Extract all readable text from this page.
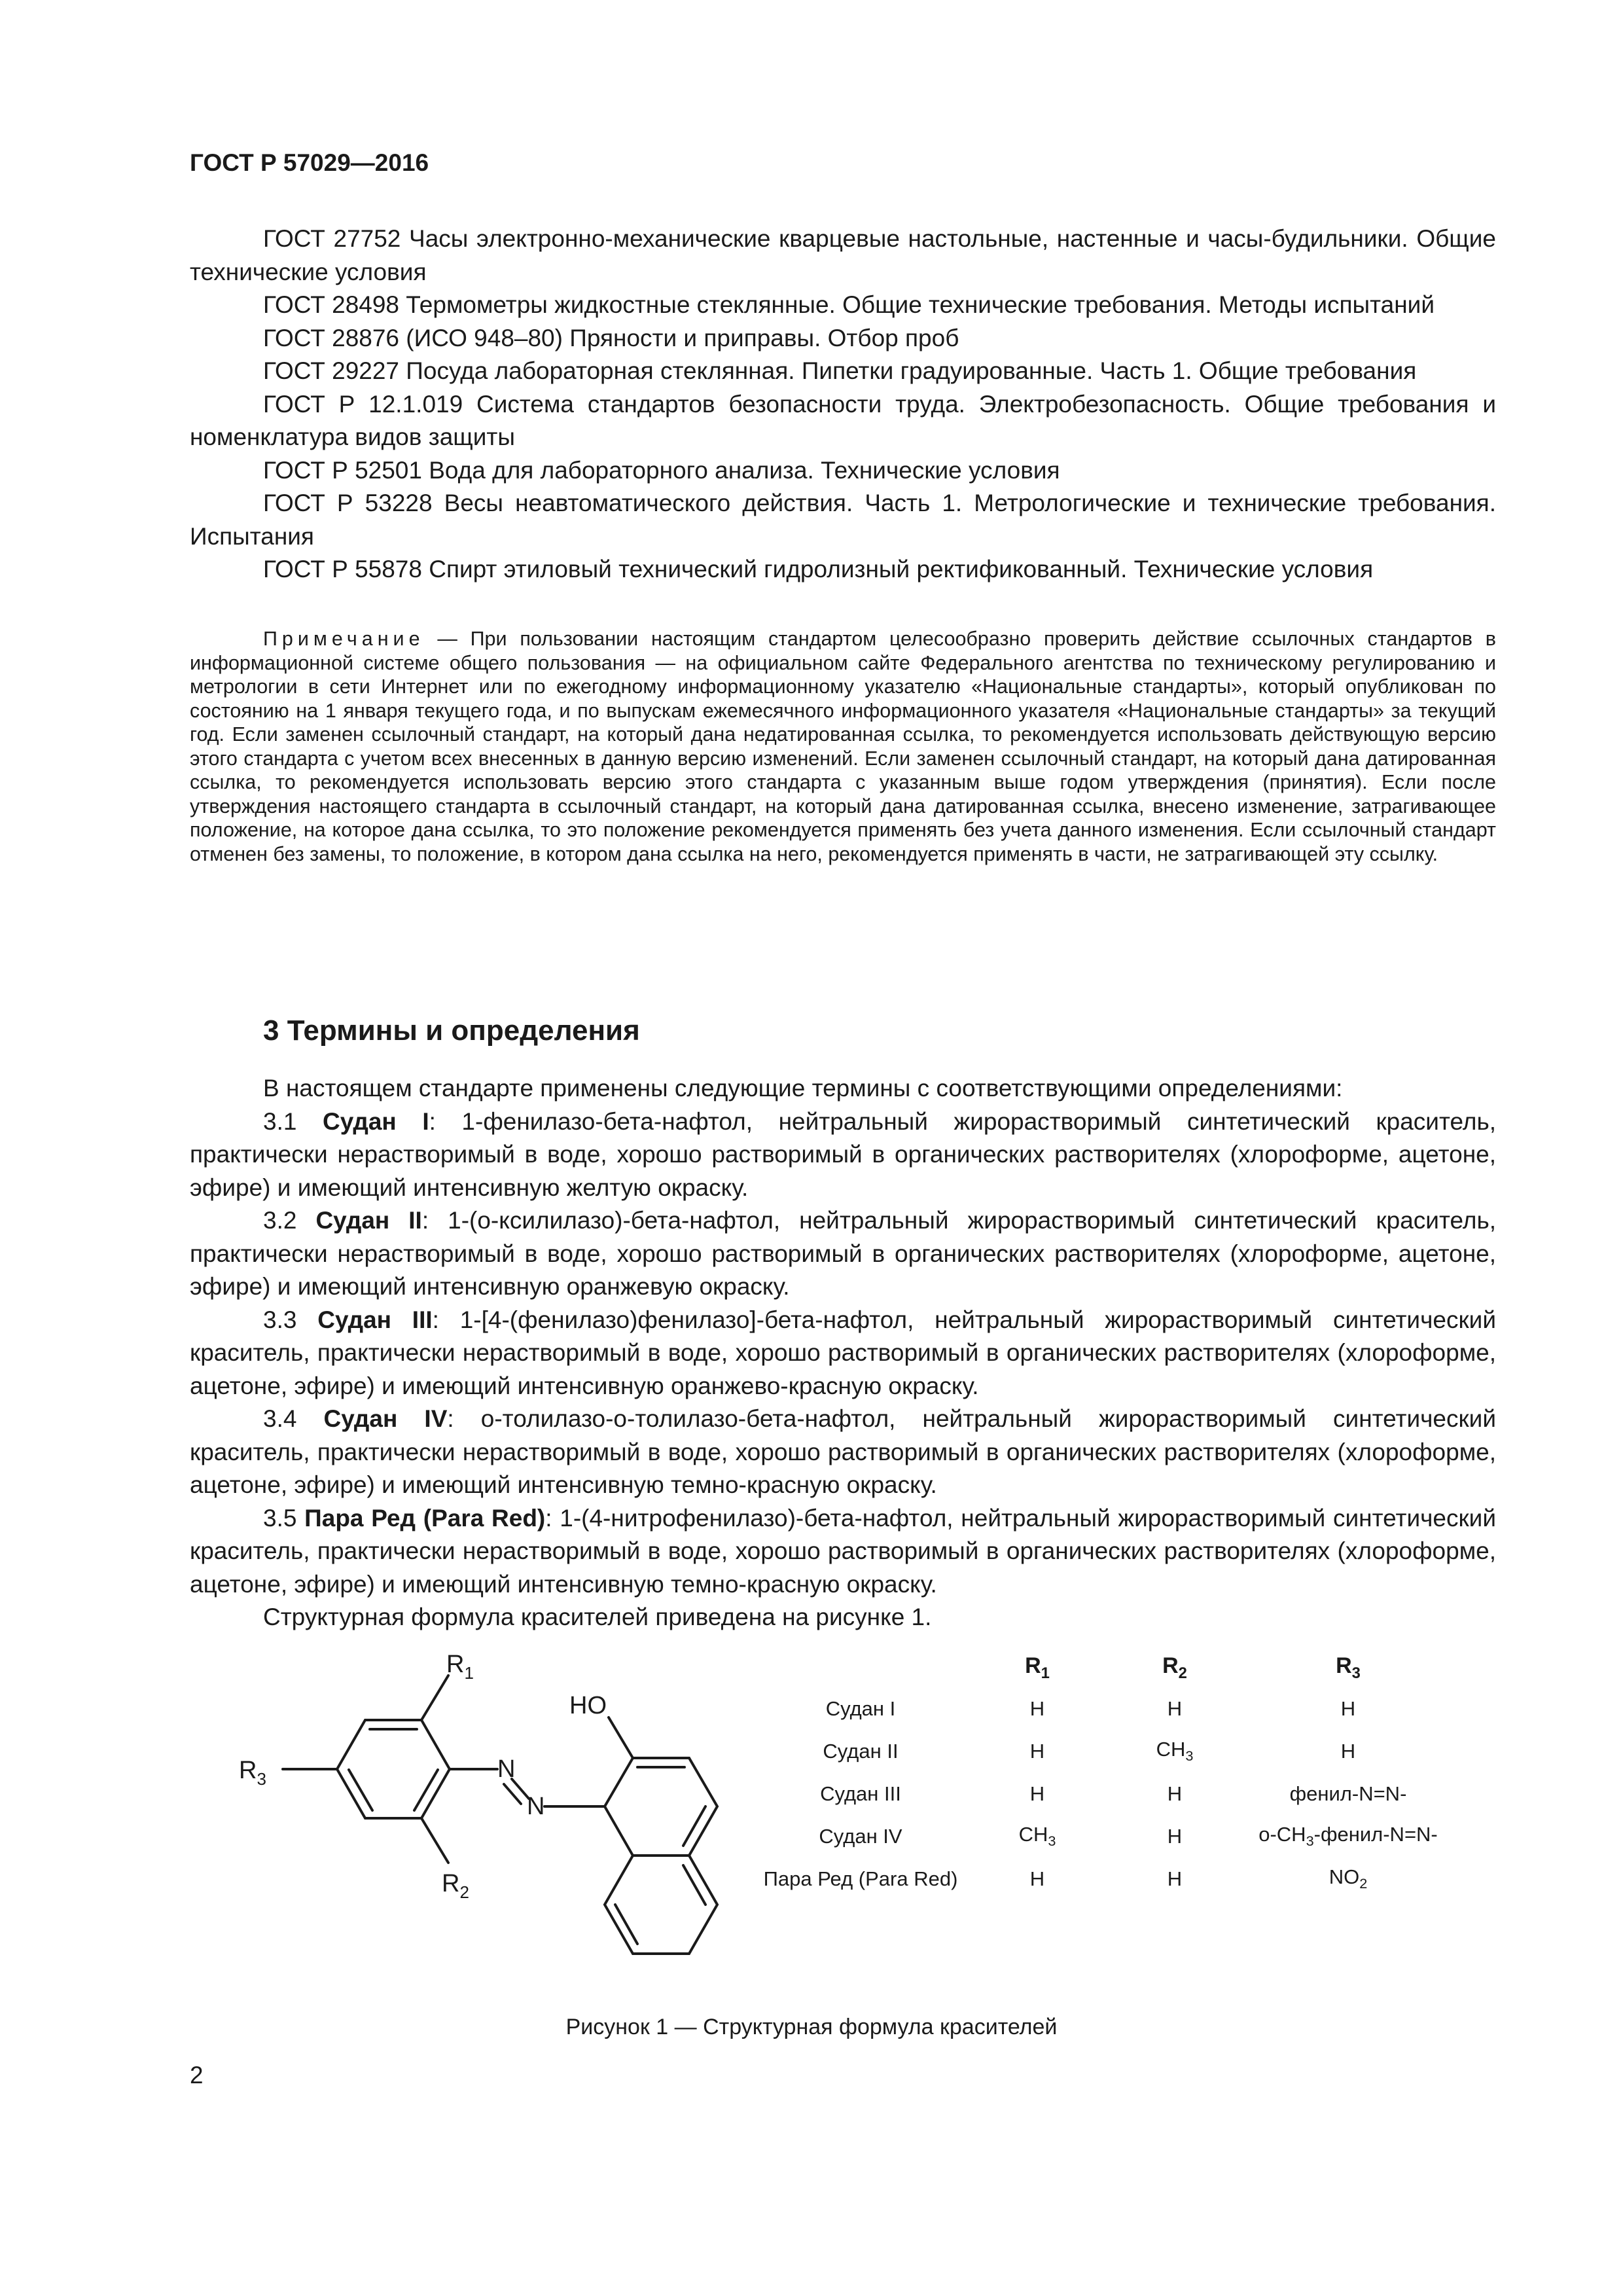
ГОСТ Р 57029—2016

ГОСТ 27752 Часы электронно-механические кварцевые настольные, настенные и часы-будильники. Общие технические условия

ГОСТ 28498 Термометры жидкостные стеклянные. Общие технические требования. Методы испытаний

ГОСТ 28876 (ИСО 948–80) Пряности и приправы. Отбор проб

ГОСТ 29227 Посуда лабораторная стеклянная. Пипетки градуированные. Часть 1. Общие требования

ГОСТ Р 12.1.019 Система стандартов безопасности труда. Электробезопасность. Общие требования и номенклатура видов защиты

ГОСТ Р 52501 Вода для лабораторного анализа. Технические условия

ГОСТ Р 53228 Весы неавтоматического действия. Часть 1. Метрологические и технические требования. Испытания

ГОСТ Р 55878 Спирт этиловый технический гидролизный ректификованный. Технические условия

Примечание — При пользовании настоящим стандартом целесообразно проверить действие ссылочных стандартов в информационной системе общего пользования — на официальном сайте Федерального агентства по техническому регулированию и метрологии в сети Интернет или по ежегодному информационному указателю «Национальные стандарты», который опубликован по состоянию на 1 января текущего года, и по выпускам ежемесячного информационного указателя «Национальные стандарты» за текущий год. Если заменен ссылочный стандарт, на который дана недатированная ссылка, то рекомендуется использовать действующую версию этого стандарта с учетом всех внесенных в данную версию изменений. Если заменен ссылочный стандарт, на который дана датированная ссылка, то рекомендуется использовать версию этого стандарта с указанным выше годом утверждения (принятия). Если после утверждения настоящего стандарта в ссылочный стандарт, на который дана датированная ссылка, внесено изменение, затрагивающее положение, на которое дана ссылка, то это положение рекомендуется применять без учета данного изменения. Если ссылочный стандарт отменен без замены, то положение, в котором дана ссылка на него, рекомендуется применять в части, не затрагивающей эту ссылку.

3 Термины и определения

В настоящем стандарте применены следующие термины с соответствующими определениями:

3.1 Судан I: 1-фенилазо-бета-нафтол, нейтральный жирорастворимый синтетический краситель, практически нерастворимый в воде, хорошо растворимый в органических растворителях (хлороформе, ацетоне, эфире) и имеющий интенсивную желтую окраску.

3.2 Судан II: 1-(о-ксилилазо)-бета-нафтол, нейтральный жирорастворимый синтетический краситель, практически нерастворимый в воде, хорошо растворимый в органических растворителях (хлороформе, ацетоне, эфире) и имеющий интенсивную оранжевую окраску.

3.3 Судан III: 1-[4-(фенилазо)фенилазо]-бета-нафтол, нейтральный жирорастворимый синтетический краситель, практически нерастворимый в воде, хорошо растворимый в органических растворителях (хлороформе, ацетоне, эфире) и имеющий интенсивную оранжево-красную окраску.

3.4 Судан IV: о-толилазо-о-толилазо-бета-нафтол, нейтральный жирорастворимый синтетический краситель, практически нерастворимый в воде, хорошо растворимый в органических растворителях (хлороформе, ацетоне, эфире) и имеющий интенсивную темно-красную окраску.

3.5 Пара Ред (Para Red): 1-(4-нитрофенилазо)-бета-нафтол, нейтральный жирорастворимый синтетический краситель, практически нерастворимый в воде, хорошо растворимый в органических растворителях (хлороформе, ацетоне, эфире) и имеющий интенсивную темно-красную окраску.

Структурная формула красителей приведена на рисунке 1.

$R_1$
$R_2$
$R_3$
HO
N
N
	$R_1$	$R_2$	$R_3$
Судан I	H	H	H
Судан II	H	$CH_3$	H
Судан III	H	H	фенил-N=N-
Судан IV	$CH_3$	H	$о-CH_3-фенил-N=N-$
Пара Ред (Para Red)	H	H	$NO_2$
Рисунок 1 — Структурная формула красителей
2
